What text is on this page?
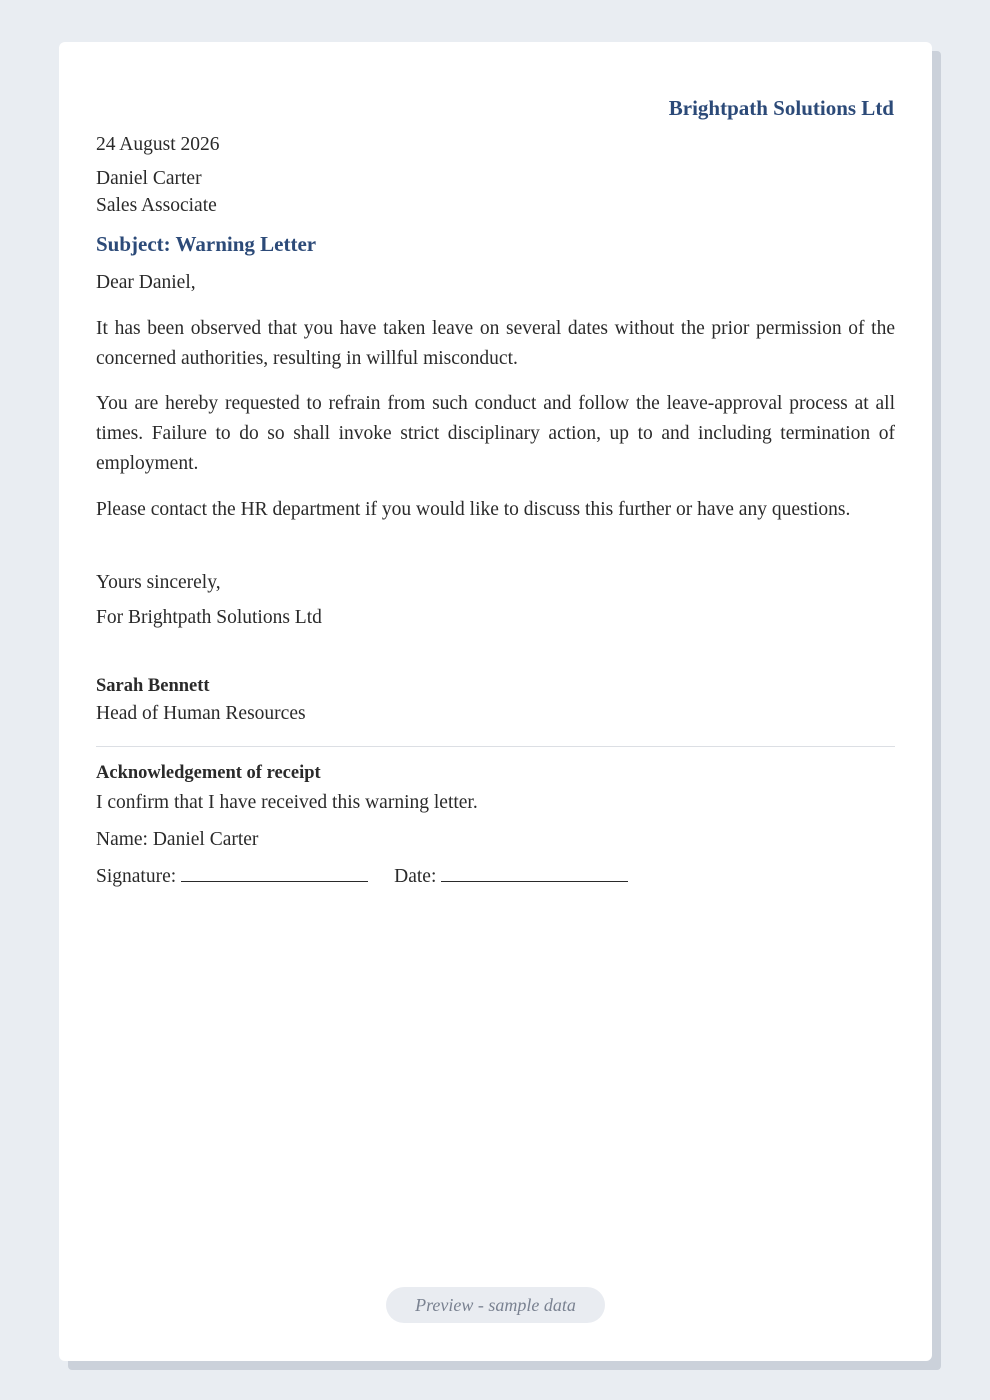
Brightpath Solutions Ltd
24 August 2026
Daniel Carter
Sales Associate
Subject: Warning Letter
Dear Daniel,

It has been observed that you have taken leave on several dates without the prior permission of the concerned authorities, resulting in willful misconduct.

You are hereby requested to refrain from such conduct and follow the leave-approval process at all times. Failure to do so shall invoke strict disciplinary action, up to and including termination of employment.

Please contact the HR department if you would like to discuss this further or have any questions.

Yours sincerely,
For Brightpath Solutions Ltd
Sarah Bennett
Head of Human Resources
Acknowledgement of receipt
I confirm that I have received this warning letter.
Name: Daniel Carter
Signature:	Date:
Preview - sample data
